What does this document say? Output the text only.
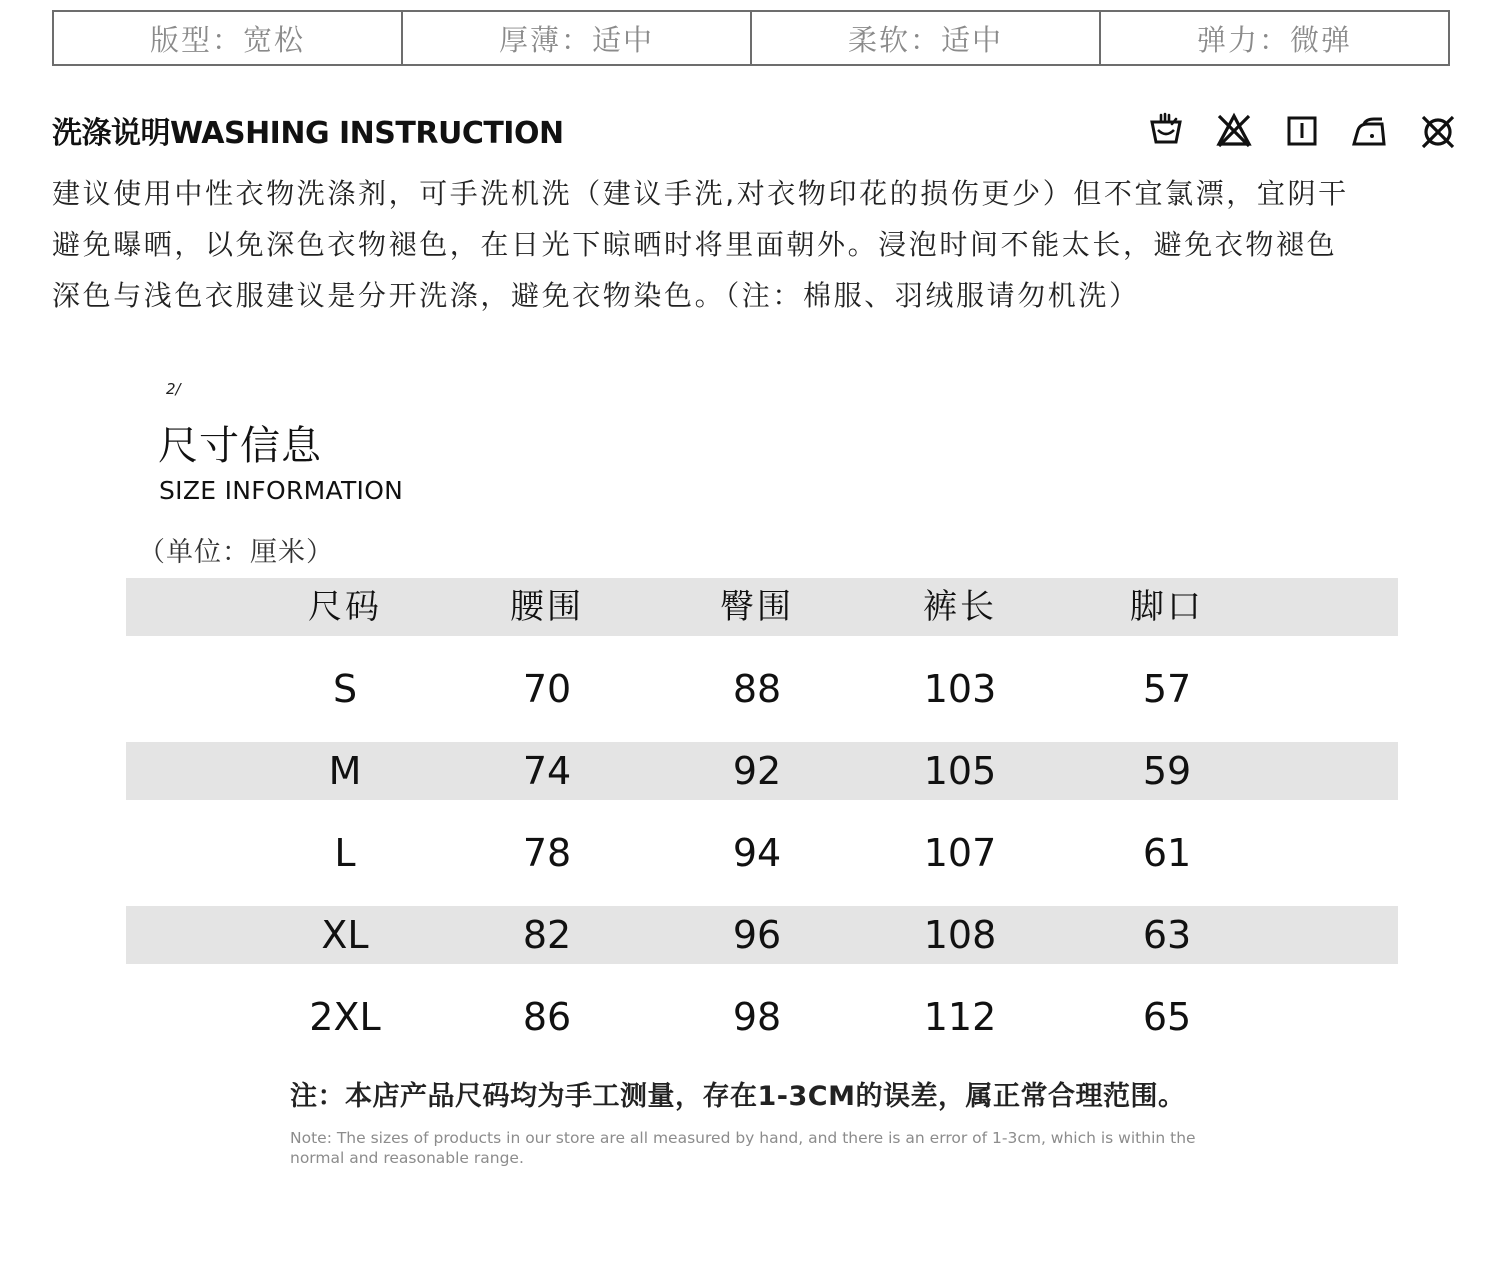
版型：宽松	厚薄：适中	柔软：适中	弹力：微弹
洗涤说明WASHING INSTRUCTION
建议使用中性衣物洗涤剂，可手洗机洗（建议手洗,对衣物印花的损伤更少）但不宜氯漂，宜阴干
避免曝晒，以免深色衣物褪色，在日光下晾晒时将里面朝外。浸泡时间不能太长，避免衣物褪色
深色与浅色衣服建议是分开洗涤，避免衣物染色。（注：棉服、羽绒服请勿机洗）
2/
尺寸信息
SIZE INFORMATION
（单位：厘米）
尺码	腰围	臀围	裤长	脚口
S	70	88	103	57
M	74	92	105	59
L	78	94	107	61
XL	82	96	108	63
2XL	86	98	112	65
注：本店产品尺码均为手工测量，存在1-3CM的误差，属正常合理范围。
Note: The sizes of products in our store are all measured by hand, and there is an error of 1-3cm, which is within the normal and reasonable range.
